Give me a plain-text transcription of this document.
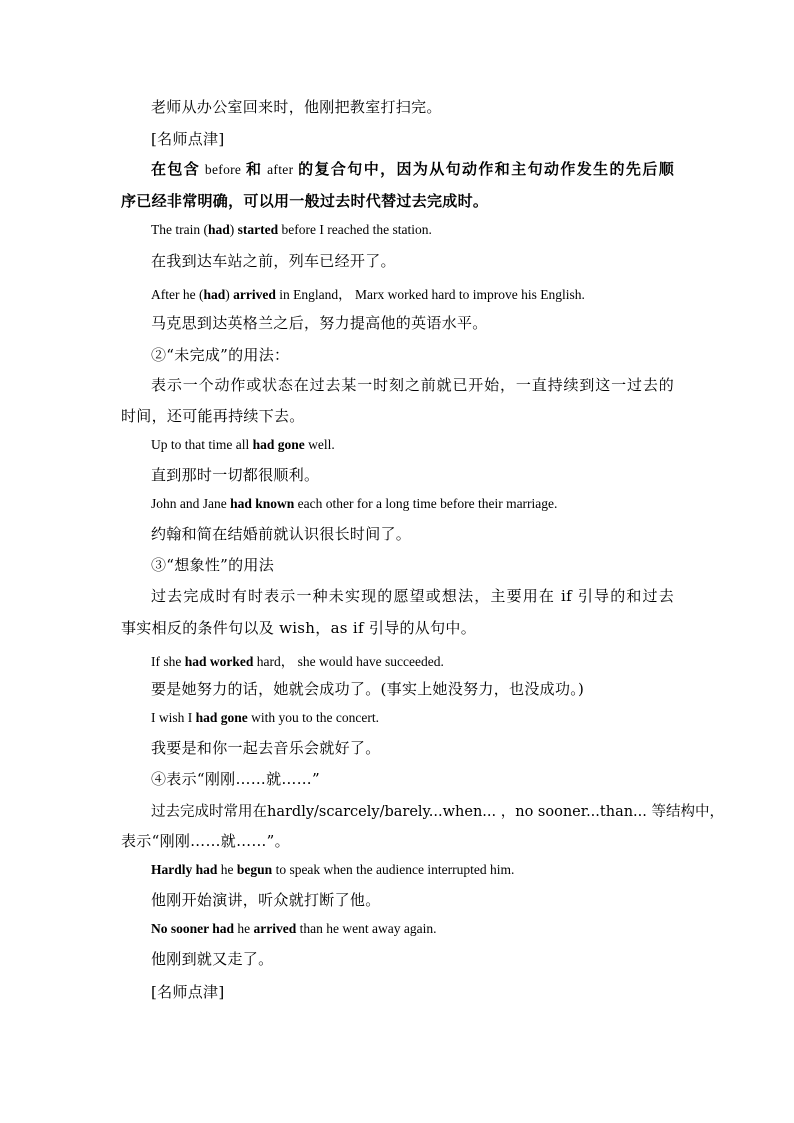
老师从办公室回来时，他刚把教室打扫完。
[名师点津]
在包含 before 和 after 的复合句中，因为从句动作和主句动作发生的先后顺
序已经非常明确，可以用一般过去时代替过去完成时。
The train (had) started before I reached the station.
在我到达车站之前，列车已经开了。
After he (had) arrived in England， Marx worked hard to improve his English.
马克思到达英格兰之后，努力提高他的英语水平。
②“未完成”的用法：
表示一个动作或状态在过去某一时刻之前就已开始，一直持续到这一过去的
时间，还可能再持续下去。
Up to that time all had gone well.
直到那时一切都很顺利。
John and Jane had known each other for a long time before their marriage.
约翰和简在结婚前就认识很长时间了。
③“想象性”的用法
过去完成时有时表示一种未实现的愿望或想法，主要用在 if 引导的和过去
事实相反的条件句以及 wish，as if 引导的从句中。
If she had worked hard， she would have succeeded.
要是她努力的话，她就会成功了。(事实上她没努力，也没成功。)
I wish I had gone with you to the concert.
我要是和你一起去音乐会就好了。
④表示“刚刚……就……”
过去完成时常用在hardly/scarcely/barely...when... ，no sooner...than... 等结构中，
表示“刚刚……就……”。
Hardly had he begun to speak when the audience interrupted him.
他刚开始演讲，听众就打断了他。
No sooner had he arrived than he went away again.
他刚到就又走了。
[名师点津]
